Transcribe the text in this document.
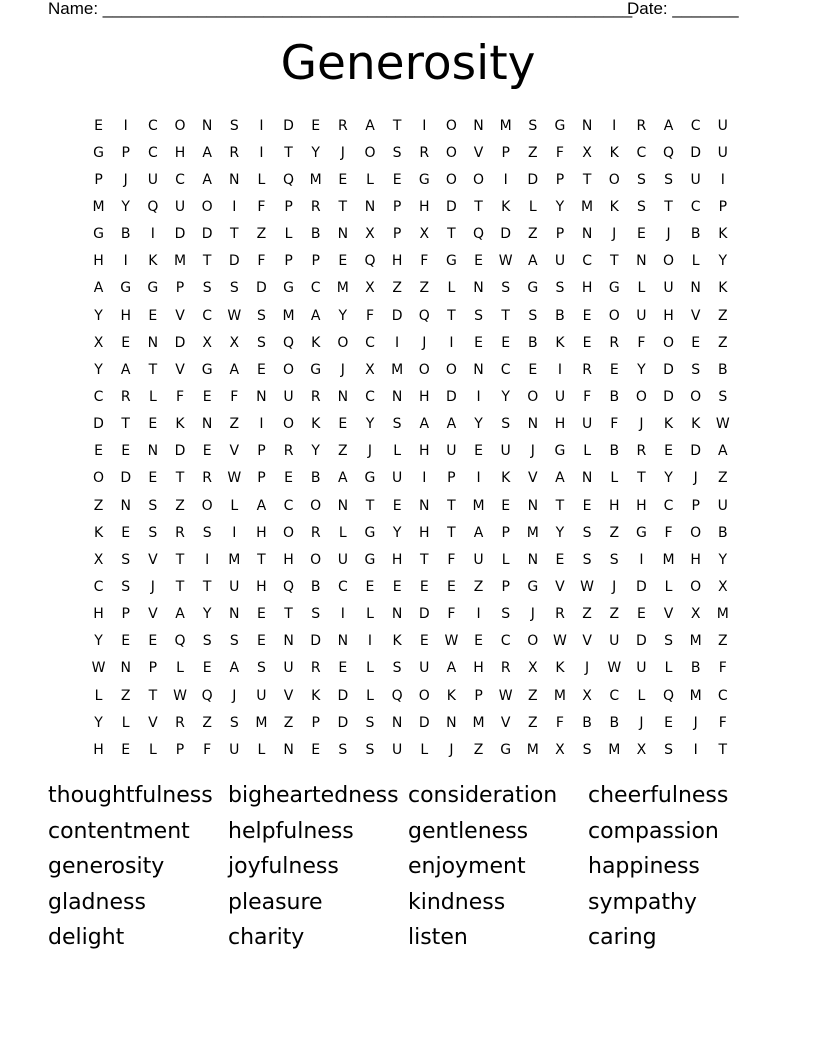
Name: ________________________________________________________
Date: _______
Generosity
E	I	C	O	N	S	I	D	E	R	A	T	I	O	N	M	S	G	N	I	R	A	C	U
G	P	C	H	A	R	I	T	Y	J	O	S	R	O	V	P	Z	F	X	K	C	Q	D	U
P	J	U	C	A	N	L	Q	M	E	L	E	G	O	O	I	D	P	T	O	S	S	U	I
M	Y	Q	U	O	I	F	P	R	T	N	P	H	D	T	K	L	Y	M	K	S	T	C	P
G	B	I	D	D	T	Z	L	B	N	X	P	X	T	Q	D	Z	P	N	J	E	J	B	K
H	I	K	M	T	D	F	P	P	E	Q	H	F	G	E	W	A	U	C	T	N	O	L	Y
A	G	G	P	S	S	D	G	C	M	X	Z	Z	L	N	S	G	S	H	G	L	U	N	K
Y	H	E	V	C	W	S	M	A	Y	F	D	Q	T	S	T	S	B	E	O	U	H	V	Z
X	E	N	D	X	X	S	Q	K	O	C	I	J	I	E	E	B	K	E	R	F	O	E	Z
Y	A	T	V	G	A	E	O	G	J	X	M	O	O	N	C	E	I	R	E	Y	D	S	B
C	R	L	F	E	F	N	U	R	N	C	N	H	D	I	Y	O	U	F	B	O	D	O	S
D	T	E	K	N	Z	I	O	K	E	Y	S	A	A	Y	S	N	H	U	F	J	K	K	W
E	E	N	D	E	V	P	R	Y	Z	J	L	H	U	E	U	J	G	L	B	R	E	D	A
O	D	E	T	R	W	P	E	B	A	G	U	I	P	I	K	V	A	N	L	T	Y	J	Z
Z	N	S	Z	O	L	A	C	O	N	T	E	N	T	M	E	N	T	E	H	H	C	P	U
K	E	S	R	S	I	H	O	R	L	G	Y	H	T	A	P	M	Y	S	Z	G	F	O	B
X	S	V	T	I	M	T	H	O	U	G	H	T	F	U	L	N	E	S	S	I	M	H	Y
C	S	J	T	T	U	H	Q	B	C	E	E	E	E	Z	P	G	V	W	J	D	L	O	X
H	P	V	A	Y	N	E	T	S	I	L	N	D	F	I	S	J	R	Z	Z	E	V	X	M
Y	E	E	Q	S	S	E	N	D	N	I	K	E	W	E	C	O	W	V	U	D	S	M	Z
W	N	P	L	E	A	S	U	R	E	L	S	U	A	H	R	X	K	J	W	U	L	B	F
L	Z	T	W	Q	J	U	V	K	D	L	Q	O	K	P	W	Z	M	X	C	L	Q	M	C
Y	L	V	R	Z	S	M	Z	P	D	S	N	D	N	M	V	Z	F	B	B	J	E	J	F
H	E	L	P	F	U	L	N	E	S	S	U	L	J	Z	G	M	X	S	M	X	S	I	T
thoughtfulness bigheartedness consideration	cheerfulness
contentment	helpfulness	gentleness	compassion
generosity	joyfulness	enjoyment	happiness
gladness	pleasure	kindness	sympathy
delight	charity	listen	caring
